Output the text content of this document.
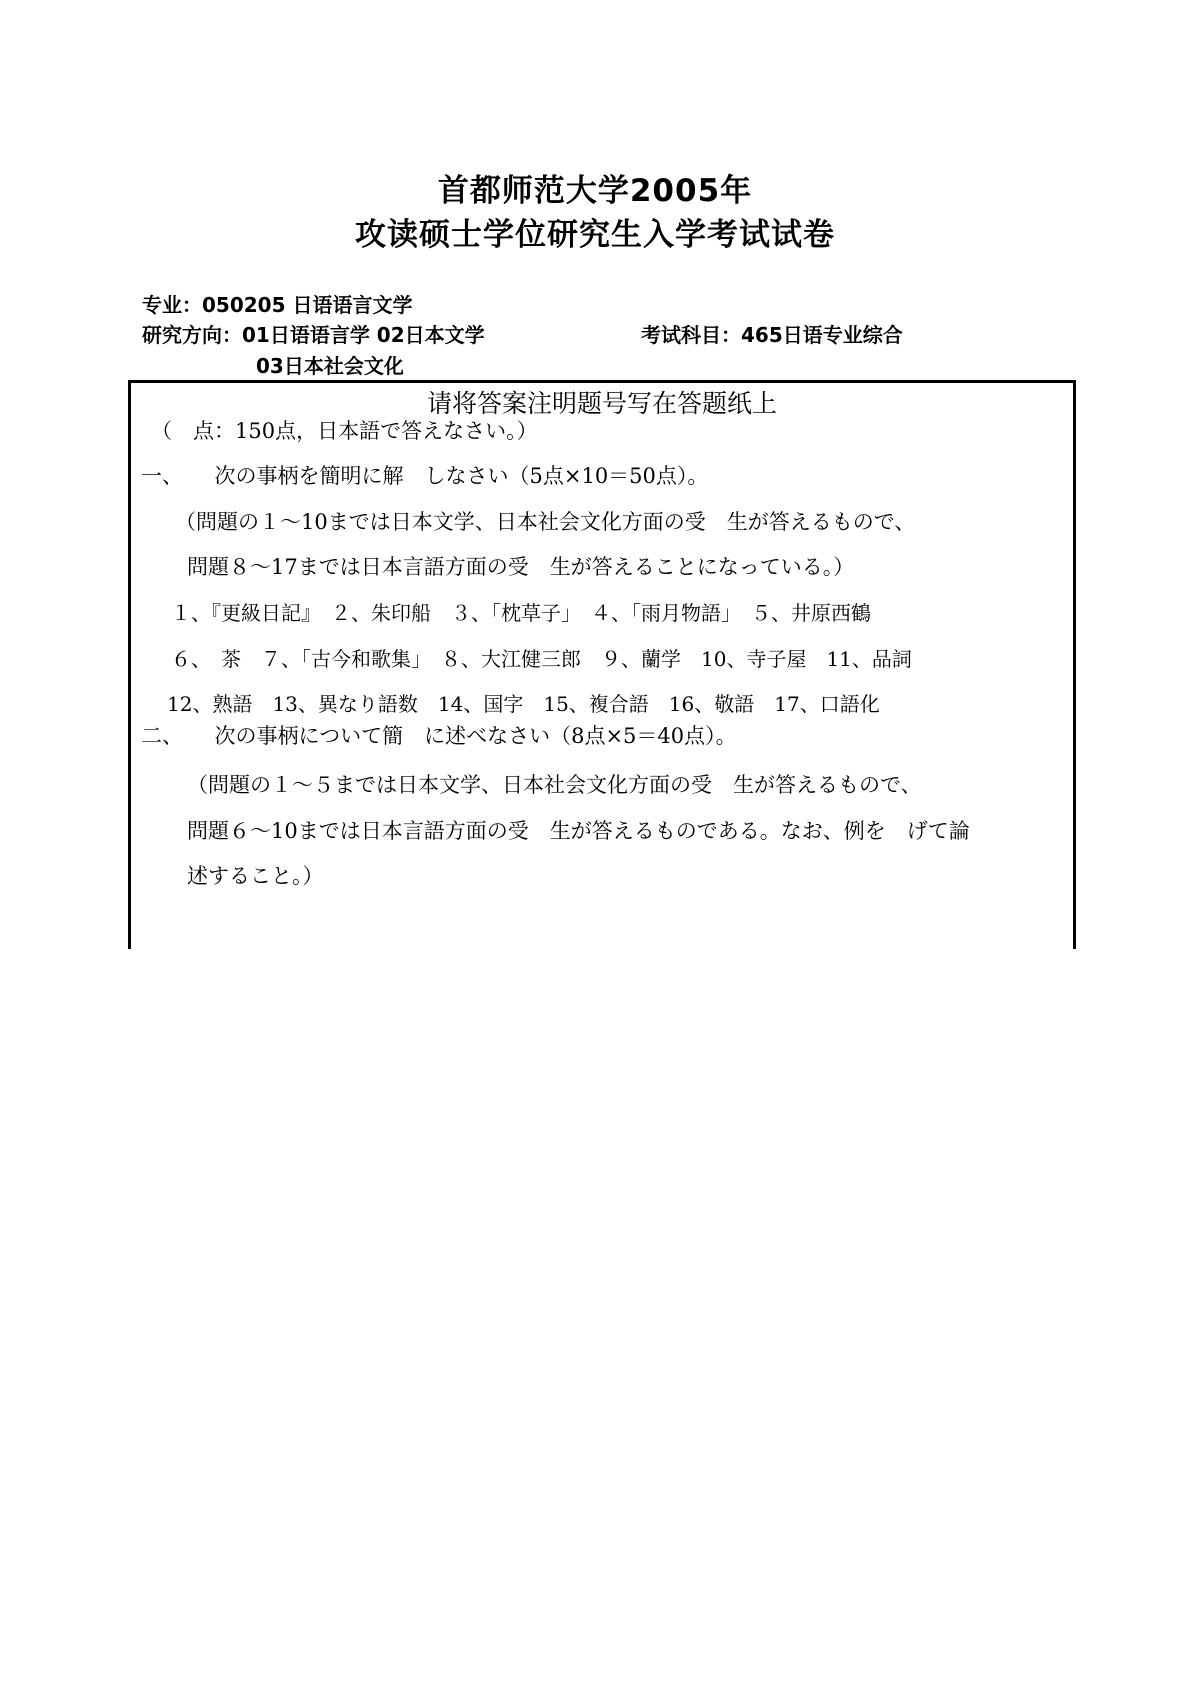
首都师范大学2005年
攻读硕士学位研究生入学考试试卷
专业：050205 日语语言文学
研究方向：01日语语言学 02日本文学
03日本社会文化
考试科目：465日语专业综合
请将答案注明题号写在答题纸上
（　点：150点，日本語で答えなさい。）
一、　　次の事柄を簡明に解　しなさい（5点×10＝50点）。
（問題の１～10までは日本文学、日本社会文化方面の受　生が答えるもので、
問題８～17までは日本言語方面の受　生が答えることになっている。）
１、『更級日記』　２、朱印船　３、「枕草子」　４、「雨月物語」　５、井原西鶴
６、　茶　７、「古今和歌集」　８、大江健三郎　９、蘭学　10、寺子屋　11、品詞
12、熟語　13、異なり語数　14、国字　15、複合語　16、敬語　17、口語化
二、　　次の事柄について簡　に述べなさい（8点×5＝40点）。
（問題の１～５までは日本文学、日本社会文化方面の受　生が答えるもので、
問題６～10までは日本言語方面の受　生が答えるものである。なお、例を　げて論
述すること。）
